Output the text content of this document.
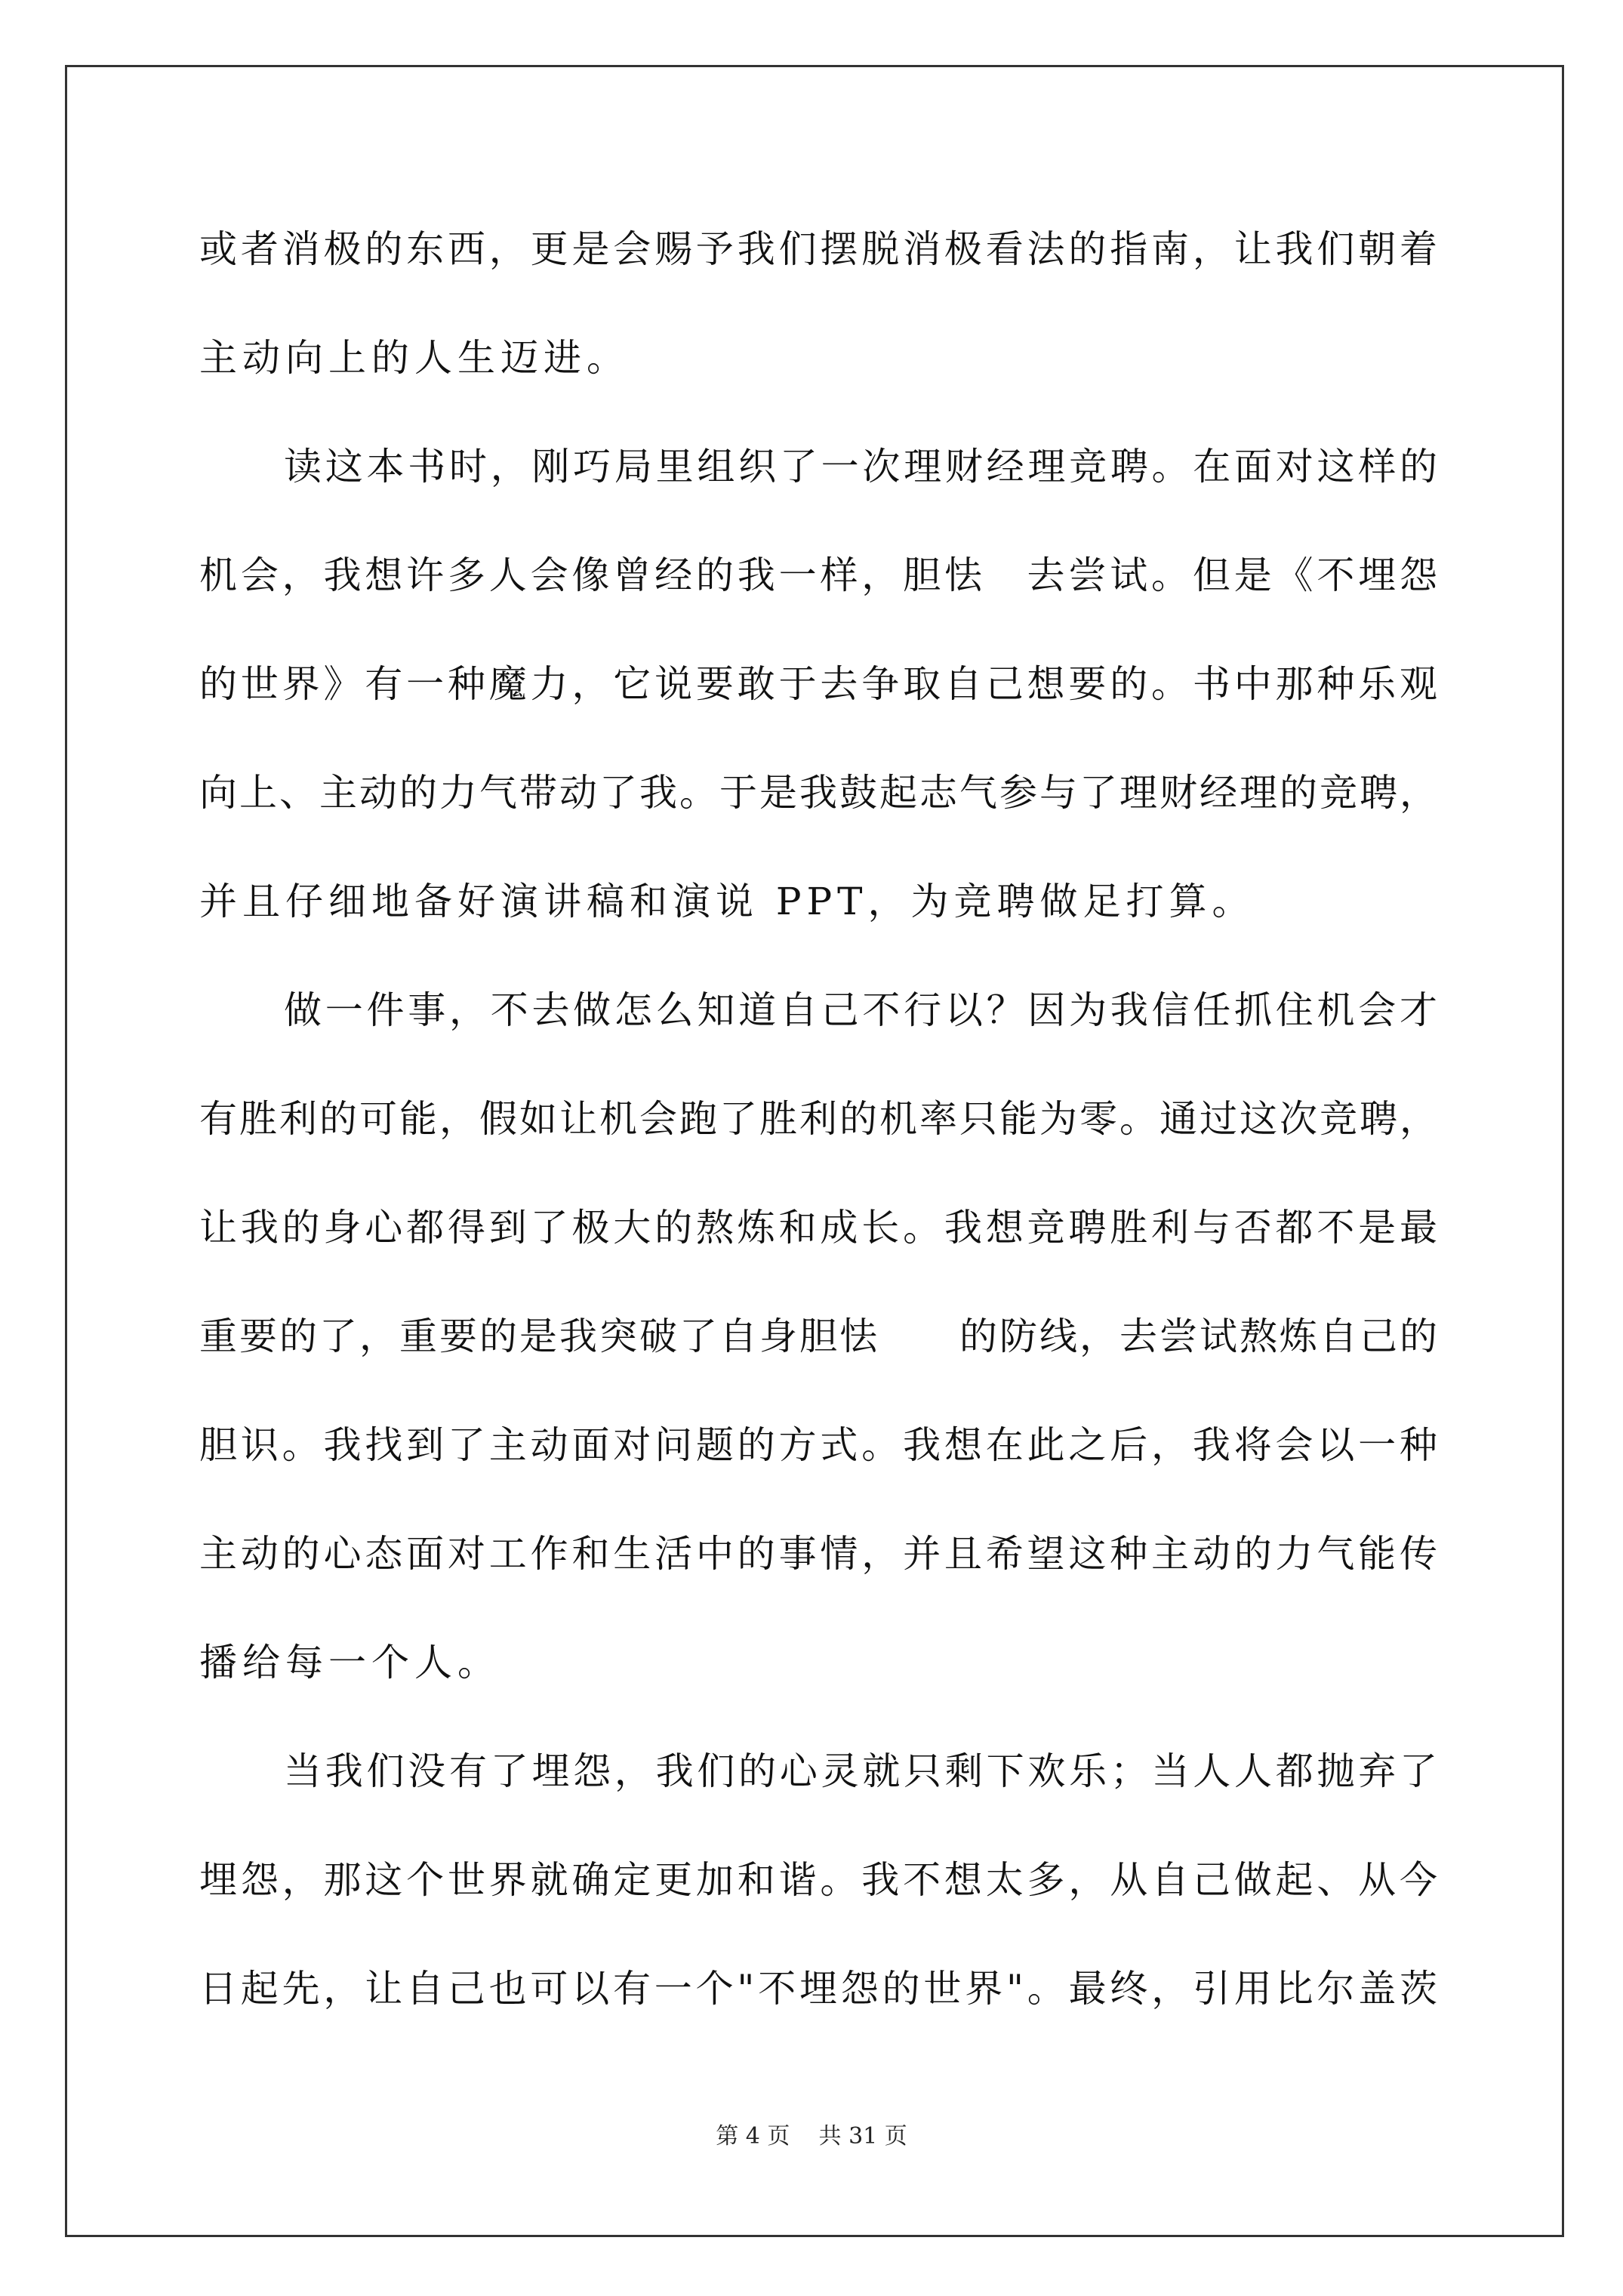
或者消极的东西，更是会赐予我们摆脱消极看法的指南，让我们朝着
主动向上的人生迈进。
读这本书时，刚巧局里组织了一次理财经理竞聘。在面对这样的
机会，我想许多人会像曾经的我一样，胆怯　去尝试。但是《不埋怨
的世界》有一种魔力，它说要敢于去争取自己想要的。书中那种乐观
向上、主动的力气带动了我。于是我鼓起志气参与了理财经理的竞聘，
并且仔细地备好演讲稿和演说 PPT，为竞聘做足打算。
做一件事，不去做怎么知道自己不行以？因为我信任抓住机会才
有胜利的可能，假如让机会跑了胜利的机率只能为零。通过这次竞聘，
让我的身心都得到了极大的熬炼和成长。我想竞聘胜利与否都不是最
重要的了，重要的是我突破了自身胆怯　　的防线，去尝试熬炼自己的
胆识。我找到了主动面对问题的方式。我想在此之后，我将会以一种
主动的心态面对工作和生活中的事情，并且希望这种主动的力气能传
播给每一个人。
当我们没有了埋怨，我们的心灵就只剩下欢乐；当人人都抛弃了
埋怨，那这个世界就确定更加和谐。我不想太多，从自己做起、从今
日起先，让自己也可以有一个"不埋怨的世界"。最终，引用比尔盖茨
第 4 页 共 31 页
